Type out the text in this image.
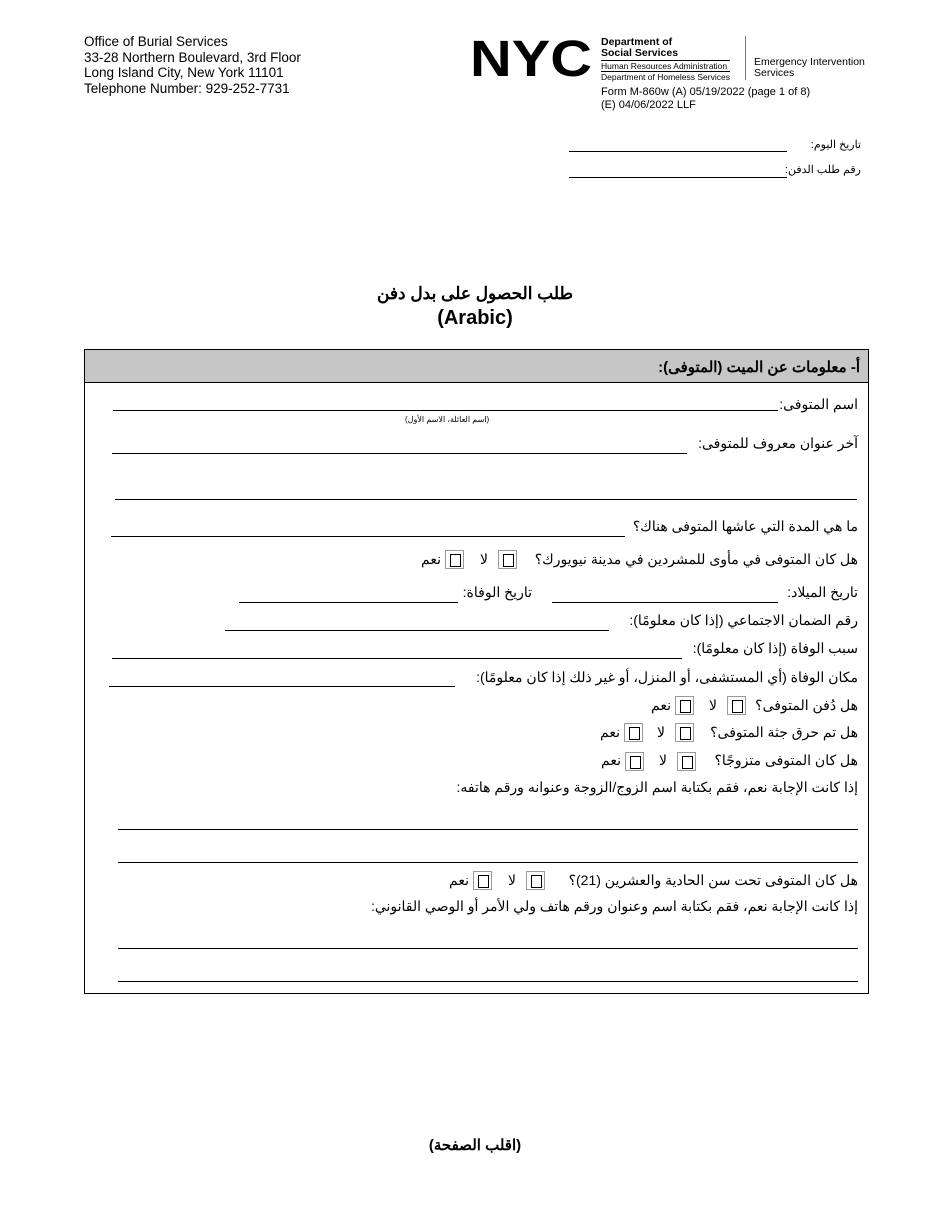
Office of Burial Services
33-28 Northern Boulevard, 3rd Floor
Long Island City, New York 11101
Telephone Number: 929-252-7731
NYC Department of
Social Services
Human Resources Administration
Department of Homeless Services
Emergency Intervention
Services
Form M-860w (A) 05/19/2022 (page 1 of 8)
(E) 04/06/2022 LLF
تاريخ اليوم:
رقم طلب الدفن:
طلب الحصول على بدل دفن
(Arabic)
أ- معلومات عن الميت (المتوفى):
اسم المتوفى:
(اسم العائلة، الاسم الأول)
آخر عنوان معروف للمتوفى:
ما هي المدة التي عاشها المتوفى هناك؟
هل كان المتوفى في مأوى للمشردين في مدينة نيويورك؟
لا
نعم
تاريخ الميلاد:
تاريخ الوفاة:
رقم الضمان الاجتماعي (إذا كان معلومًا):
سبب الوفاة (إذا كان معلومًا):
مكان الوفاة (أي المستشفى، أو المنزل، أو غير ذلك إذا كان معلومًا):
هل دُفن المتوفى؟
لا
نعم
هل تم حرق جثة المتوفى؟
لا
نعم
هل كان المتوفى متزوجًا؟
لا
نعم
إذا كانت الإجابة نعم، فقم بكتابة اسم الزوج/الزوجة وعنوانه ورقم هاتفه:
هل كان المتوفى تحت سن الحادية والعشرين (21)؟
لا
نعم
إذا كانت الإجابة نعم، فقم بكتابة اسم وعنوان ورقم هاتف ولي الأمر أو الوصي القانوني:
(اقلب الصفحة)
